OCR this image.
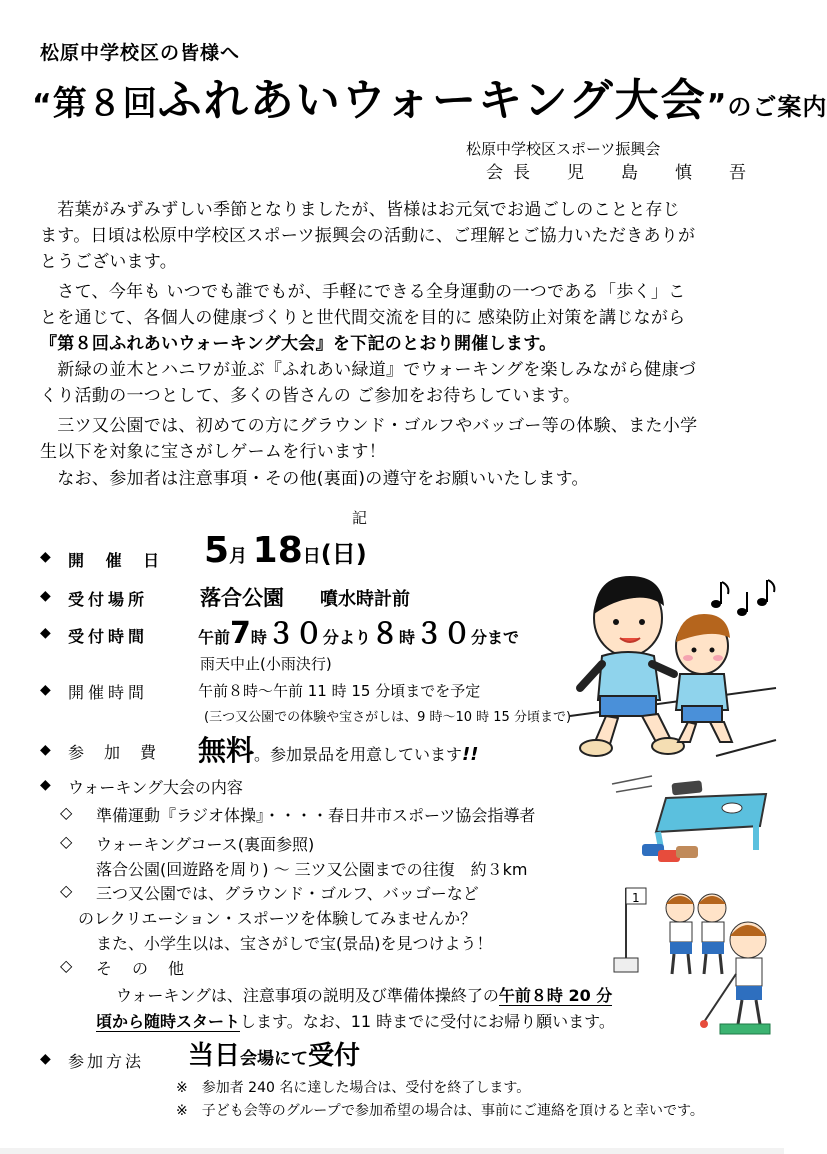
松原中学校区の皆様へ
“第８回ふれあいウォーキング大会”のご案内
松原中学校区スポーツ振興会
会長　児　島　慎　吾
　若葉がみずみずしい季節となりましたが、皆様はお元気でお過ごしのことと存じ
ます。日頃は松原中学校区スポーツ振興会の活動に、ご理解とご協力いただきありが
とうございます。
　さて、今年も いつでも誰でもが、手軽にできる全身運動の一つである「歩く」こ
とを通じて、各個人の健康づくりと世代間交流を目的に 感染防止対策を講じながら
『第８回ふれあいウォーキング大会』を下記のとおり開催します。
　新緑の並木とハニワが並ぶ『ふれあい緑道』でウォーキングを楽しみながら健康づ
くり活動の一つとして、多くの皆さんの ご参加をお待ちしています。
　三ツ又公園では、初めての方にグラウンド・ゴルフやバッゴー等の体験、また小学
生以下を対象に宝さがしゲームを行います！
　なお、参加者は注意事項・その他(裏面)の遵守をお願いいたします。
記
◆ 開 催 日 5月 18日(日)
◆ 受付場所 落合公園 噴水時計前
◆ 受付時間	午前7時３０分より８時３０分まで
雨天中止(小雨決行)
◆ 開催時間	午前８時～午前 11 時 15 分頃までを予定
(三つ又公園での体験や宝さがしは、9 時～10 時 15 分頃まで)
◆ 参　加　費 無料。参加景品を用意しています!!
◆ ウォーキング大会の内容
◇ 準備運動『ラジオ体操』・・・・春日井市スポーツ協会指導者
◇ ウォーキングコース(裏面参照)
落合公園(回遊路を周り) ～ 三ツ又公園までの往復　約３km
◇ 三つ又公園では、グラウンド・ゴルフ、バッゴーなど
のレクリエーション・スポーツを体験してみませんか？
また、小学生以は、宝さがしで宝(景品)を見つけよう！
◇ そ　の　他
ウォーキングは、注意事項の説明及び準備体操終了の午前８時 20 分
頃から随時スタートします。なお、11 時までに受付にお帰り願います。
◆ 参加方法 当日会場にて受付
※　参加者 240 名に達した場合は、受付を終了します。
※　子ども会等のグループで参加希望の場合は、事前にご連絡を頂けると幸いです。
1
